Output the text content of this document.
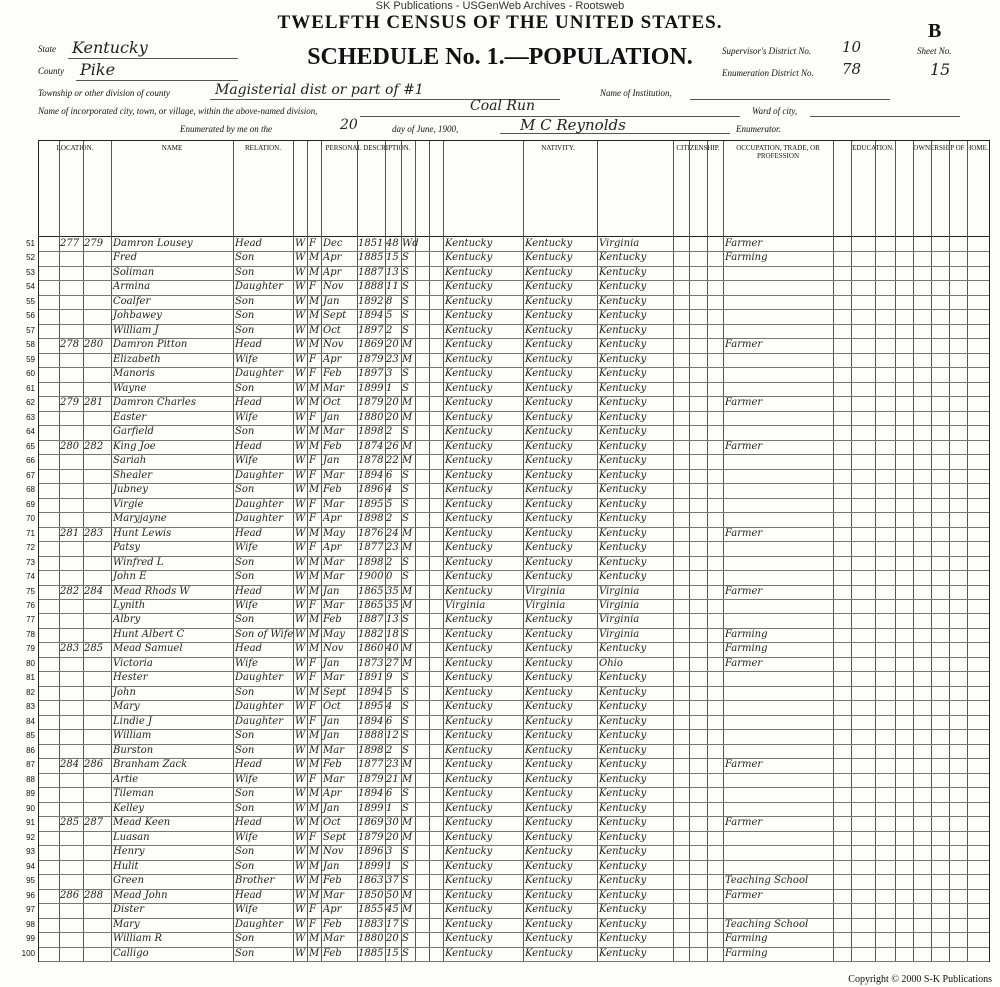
SK Publications - USGenWeb Archives - Rootsweb
TWELFTH CENSUS OF THE UNITED STATES.	B
SCHEDULE No. 1.—POPULATION.
State Kentucky
County Pike
Supervisor's District No. 10
Enumeration District No. 78
Sheet No.
15
Township or other division of county	Magisterial dist or part of #1	Name of Institution,
Name of incorporated city, town, or village, within the above-named division,	Coal Run	Ward of city,
Enumerated by me on the	20	day of June, 1900,	M C Reynolds	Enumerator.
LOCATION.	NAME	RELATION.	PERSONAL DESCRIPTION.	NATIVITY.	CITIZENSHIP.	OCCUPATION, TRADE, OR PROFESSION
EDUCATION.	OWNERSHIP OF HOME.
51	277 279 Damron Lousey	Head	W F Dec	1851 48 Wd	Kentucky	Kentucky	Virginia	Farmer
52	Fred	Son	W M Apr	1885 15 S	Kentucky	Kentucky	Kentucky	Farming
53	Soliman	Son	W M Apr	1887 13 S	Kentucky	Kentucky	Kentucky
54	Armina	Daughter	W F Nov	1888 11 S	Kentucky	Kentucky	Kentucky
55	Coalfer	Son	W M Jan	1892 8 S	Kentucky	Kentucky	Kentucky
56	Johbawey	Son	W M Sept	1894 5 S	Kentucky	Kentucky	Kentucky
57	William J	Son	W M Oct	1897 2 S	Kentucky	Kentucky	Kentucky
58	278 280 Damron Pitton	Head	W M Nov	1869 20 M	Kentucky	Kentucky	Kentucky	Farmer
59	Elizabeth	Wife	W F Apr	1879 23 M	Kentucky	Kentucky	Kentucky
60	Manoris	Daughter	W F Feb	1897 3 S	Kentucky	Kentucky	Kentucky
61	Wayne	Son	W M Mar	1899 1 S	Kentucky	Kentucky	Kentucky
62	279 281 Damron Charles	Head	W M Oct	1879 20 M	Kentucky	Kentucky	Kentucky	Farmer
63	Easter	Wife	W F Jan	1880 20 M	Kentucky	Kentucky	Kentucky
64	Garfield	Son	W M Mar	1898 2 S	Kentucky	Kentucky	Kentucky
65	280 282 King Joe	Head	W M Feb	1874 26 M	Kentucky	Kentucky	Kentucky	Farmer
66	Sariah	Wife	W F Jan	1878 22 M	Kentucky	Kentucky	Kentucky
67	Shealer	Daughter	W F Mar	1894 6 S	Kentucky	Kentucky	Kentucky
68	Jubney	Son	W M Feb	1896 4 S	Kentucky	Kentucky	Kentucky
69	Virgie	Daughter	W F Mar	1895 5 S	Kentucky	Kentucky	Kentucky
70	Maryjayne	Daughter	W F Apr	1898 2 S	Kentucky	Kentucky	Kentucky
71	281 283 Hunt Lewis	Head	W M May	1876 24 M	Kentucky	Kentucky	Kentucky	Farmer
72	Patsy	Wife	W F Apr	1877 23 M	Kentucky	Kentucky	Kentucky
73	Winfred L	Son	W M Mar	1898 2 S	Kentucky	Kentucky	Kentucky
74	John E	Son	W M Mar	1900 0 S	Kentucky	Kentucky	Kentucky
75	282 284 Mead Rhods W	Head	W M Jan	1865 35 M	Kentucky	Virginia	Virginia	Farmer
76	Lynith	Wife	W F Mar	1865 35 M	Virginia	Virginia	Virginia
77	Albry	Son	W M Feb	1887 13 S	Kentucky	Kentucky	Virginia
78	Hunt Albert C	Son of Wife W M May	1882 18 S	Kentucky	Kentucky	Virginia	Farming
79	283 285 Mead Samuel	Head	W M Nov	1860 40 M	Kentucky	Kentucky	Kentucky	Farming
80	Victoria	Wife	W F Jan	1873 27 M	Kentucky	Kentucky	Ohio	Farmer
81	Hester	Daughter	W F Mar	1891 9 S	Kentucky	Kentucky	Kentucky
82	John	Son	W M Sept	1894 5 S	Kentucky	Kentucky	Kentucky
83	Mary	Daughter	W F Oct	1895 4 S	Kentucky	Kentucky	Kentucky
84	Lindie J	Daughter	W F Jan	1894 6 S	Kentucky	Kentucky	Kentucky
85	William	Son	W M Jan	1888 12 S	Kentucky	Kentucky	Kentucky
86	Burston	Son	W M Mar	1898 2 S	Kentucky	Kentucky	Kentucky
87	284 286 Branham Zack	Head	W M Feb	1877 23 M	Kentucky	Kentucky	Kentucky	Farmer
88	Artie	Wife	W F Mar	1879 21 M	Kentucky	Kentucky	Kentucky
89	Tileman	Son	W M Apr	1894 6 S	Kentucky	Kentucky	Kentucky
90	Kelley	Son	W M Jan	1899 1 S	Kentucky	Kentucky	Kentucky
91	285 287 Mead Keen	Head	W M Oct	1869 30 M	Kentucky	Kentucky	Kentucky	Farmer
92	Luasan	Wife	W F Sept	1879 20 M	Kentucky	Kentucky	Kentucky
93	Henry	Son	W M Nov	1896 3 S	Kentucky	Kentucky	Kentucky
94	Hulit	Son	W M Jan	1899 1 S	Kentucky	Kentucky	Kentucky
95	Green	Brother	W M Feb	1863 37 S	Kentucky	Kentucky	Kentucky	Teaching School
96	286 288 Mead John	Head	W M Mar	1850 50 M	Kentucky	Kentucky	Kentucky	Farmer
97	Dister	Wife	W F Apr	1855 45 M	Kentucky	Kentucky	Kentucky
98	Mary	Daughter	W F Feb	1883 17 S	Kentucky	Kentucky	Kentucky	Teaching School
99	William R	Son	W M Mar	1880 20 S	Kentucky	Kentucky	Kentucky	Farming
100	Calligo	Son	W M Feb	1885 15 S	Kentucky	Kentucky	Kentucky	Farming
Copyright © 2000 S-K Publications
